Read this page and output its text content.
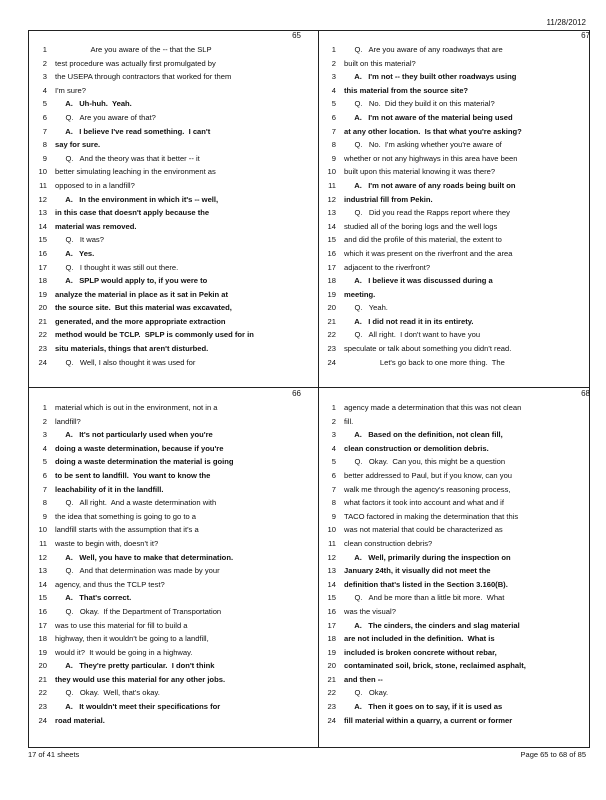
11/28/2012
65
1 Are you aware of the -- that the SLP
2 test procedure was actually first promulgated by
3 the USEPA through contractors that worked for them
4 I'm sure?
5 A.   Uh-huh.  Yeah.
6 Q.   Are you aware of that?
7 A.   I believe I've read something.  I can't
8 say for sure.
9 Q.   And the theory was that it better -- it
10 better simulating leaching in the environment as
11 opposed to in a landfill?
12 A.   In the environment in which it's -- well,
13 in this case that doesn't apply because the
14 material was removed.
15 Q.   It was?
16 A.   Yes.
17 Q.   I thought it was still out there.
18 A.   SPLP would apply to, if you were to
19 analyze the material in place as it sat in Pekin at
20 the source site.  But this material was excavated,
21 generated, and the more appropriate extraction
22 method would be TCLP.  SPLP is commonly used for in
23 situ materials, things that aren't disturbed.
24 Q.   Well, I also thought it was used for
67
1 Q.   Are you aware of any roadways that are
2 built on this material?
3 A.   I'm not -- they built other roadways using
4 this material from the source site?
5 Q.   No.  Did they build it on this material?
6 A.   I'm not aware of the material being used
7 at any other location.  Is that what you're asking?
8 Q.   No.  I'm asking whether you're aware of
9 whether or not any highways in this area have been
10 built upon this material knowing it was there?
11 A.   I'm not aware of any roads being built on
12 industrial fill from Pekin.
13 Q.   Did you read the Rapps report where they
14 studied all of the boring logs and the well logs
15 and did the profile of this material, the extent to
16 which it was present on the riverfront and the area
17 adjacent to the riverfront?
18 A.   I believe it was discussed during a
19 meeting.
20 Q.   Yeah.
21 A.   I did not read it in its entirety.
22 Q.   All right.  I don't want to have you
23 speculate or talk about something you didn't read.
24 Let's go back to one more thing.  The
66
1 material which is out in the environment, not in a
2 landfill?
3 A.   It's not particularly used when you're
4 doing a waste determination, because if you're
5 doing a waste determination the material is going
6 to be sent to landfill.  You want to know the
7 leachability of it in the landfill.
8 Q.   All right.  And a waste determination with
9 the idea that something is going to go to a
10 landfill starts with the assumption that it's a
11 waste to begin with, doesn't it?
12 A.   Well, you have to make that determination.
13 Q.   And that determination was made by your
14 agency, and thus the TCLP test?
15 A.   That's correct.
16 Q.   Okay.  If the Department of Transportation
17 was to use this material for fill to build a
18 highway, then it wouldn't be going to a landfill,
19 would it?  It would be going in a highway.
20 A.   They're pretty particular.  I don't think
21 they would use this material for any other jobs.
22 Q.   Okay.  Well, that's okay.
23 A.   It wouldn't meet their specifications for
24 road material.
68
1 agency made a determination that this was not clean
2 fill.
3 A.   Based on the definition, not clean fill,
4 clean construction or demolition debris.
5 Q.   Okay.  Can you, this might be a question
6 better addressed to Paul, but if you know, can you
7 walk me through the agency's reasoning process,
8 what factors it took into account and what and if
9 TACO factored in making the determination that this
10 was not material that could be characterized as
11 clean construction debris?
12 A.   Well, primarily during the inspection on
13 January 24th, it visually did not meet the
14 definition that's listed in the Section 3.160(B).
15 Q.   And be more than a little bit more.  What
16 was the visual?
17 A.   The cinders, the cinders and slag material
18 are not included in the definition.  What is
19 included is broken concrete without rebar,
20 contaminated soil, brick, stone, reclaimed asphalt,
21 and then --
22 Q.   Okay.
23 A.   Then it goes on to say, if it is used as
24 fill material within a quarry, a current or former
17 of 41 sheets	Page 65 to 68 of 85
